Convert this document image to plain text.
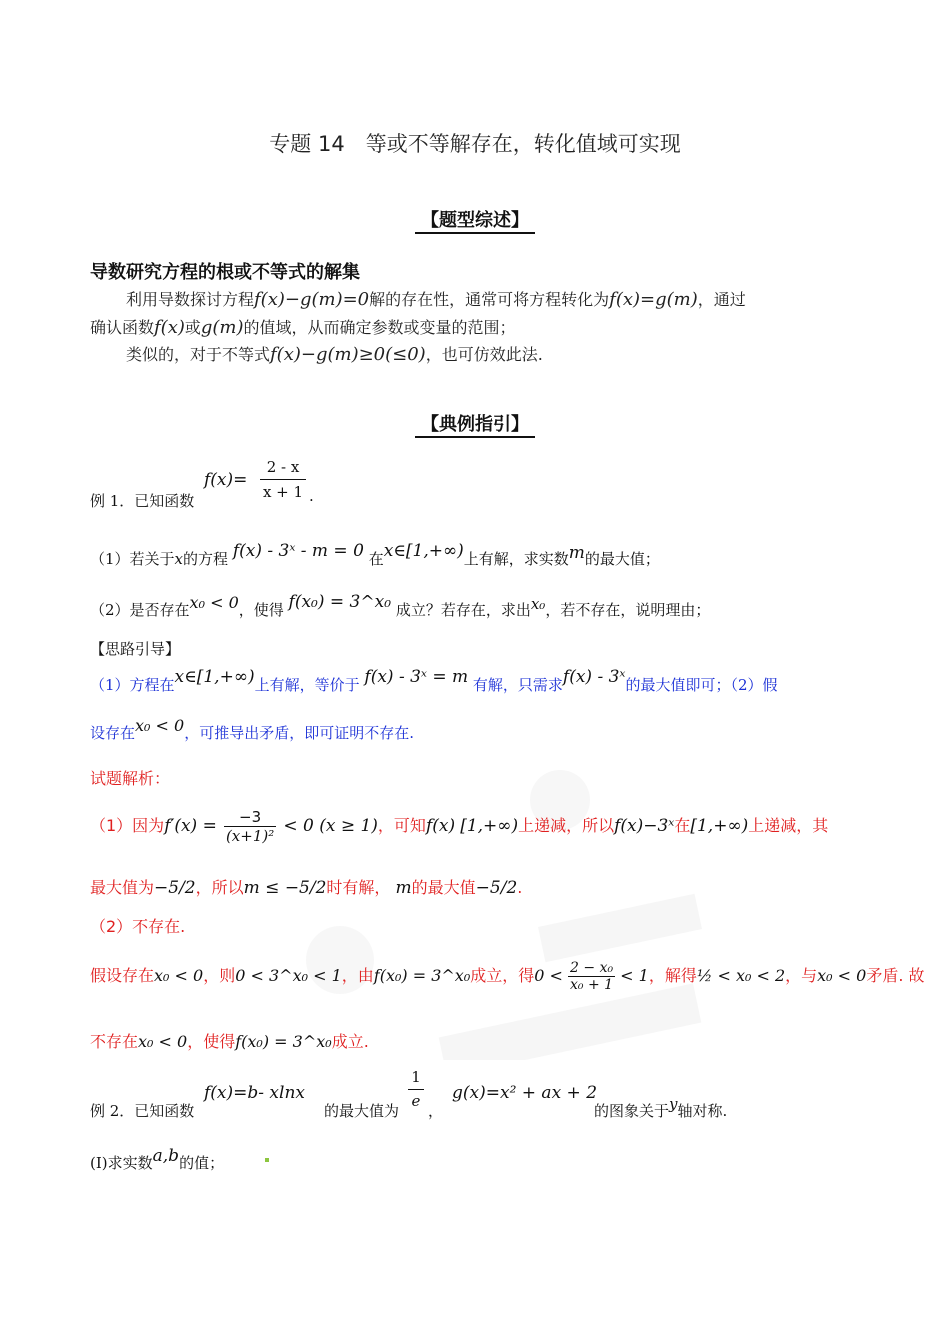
专题 14　等或不等解存在，转化值域可实现
【题型综述】
导数研究方程的根或不等式的解集
利用导数探讨方程f(x)−g(m)=0解的存在性，通常可将方程转化为f(x)=g(m)，通过
确认函数f(x)或g(m)的值域，从而确定参数或变量的范围；
类似的，对于不等式f(x)−g(m)≥0(≤0)，也可仿效此法.
【典例指引】
例 1．已知函数
f(x)=
2 - x
x + 1 .
（1）若关于x的方程 f(x) - 3ˣ - m = 0 在x∈[1,+∞)上有解，求实数m的最大值；
（2）是否存在x₀ < 0，使得 f(x₀) = 3^x₀ 成立？若存在，求出x₀，若不存在，说明理由；
【思路引导】
（1）方程在x∈[1,+∞)上有解，等价于 f(x) - 3ˣ = m 有解，只需求f(x) - 3ˣ的最大值即可；（2）假
设存在x₀ < 0，可推导出矛盾，即可证明不存在.
试题解析：
（1）因为$f'(x) = \frac{-3}{\text{(x+1)²}} < 0$ (x ≥ 1)，可知f(x) [1,+∞)上递减，所以f(x)−3ˣ在[1,+∞)上递减，其
最大值为−5/2，所以m ≤ −5/2时有解， m的最大值−5/2.
（2）不存在.
假设存在x₀ < 0，则0 < 3^x₀ < 1，由f(x₀) = 3^x₀成立，得$0 < \frac{\text{2 − x₀}}{\text{x₀ + 1}} < 1$，解得½ < x₀ < 2，与x₀ < 0矛盾. 故
不存在x₀ < 0，使得f(x₀) = 3^x₀成立.
例 2．已知函数
f(x)=b- xlnx
的最大值为
1
e
，
g(x)=x² + ax + 2
的图象关于y轴对称.
(Ⅰ)求实数a,b的值；
